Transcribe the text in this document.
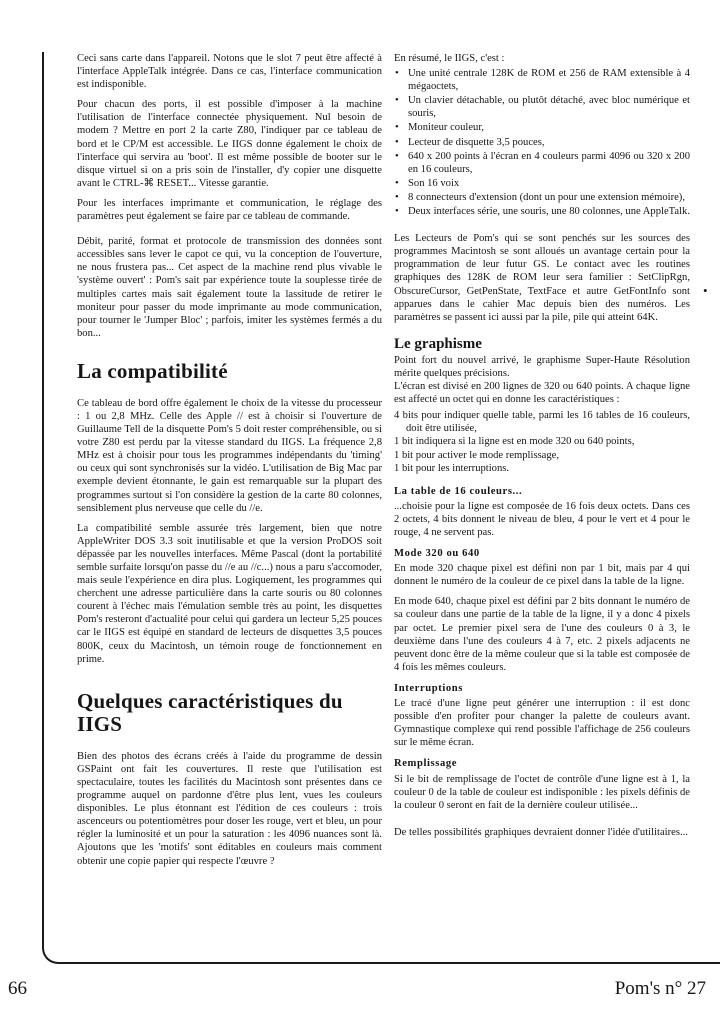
Ceci sans carte dans l'appareil. Notons que le slot 7 peut être affecté à l'interface AppleTalk intégrée. Dans ce cas, l'interface communication est indisponible.

Pour chacun des ports, il est possible d'imposer à la machine l'utilisation de l'interface connectée physiquement. Nul besoin de modem ? Mettre en port 2 la carte Z80, l'indiquer par ce tableau de bord et le CP/M est accessible. Le IIGS donne également le choix de l'interface qui servira au 'boot'. Il est même possible de booter sur le disque virtuel si on a pris soin de l'installer, d'y copier une disquette avant le CTRL-⌘ RESET... Vitesse garantie.

Pour les interfaces imprimante et communication, le réglage des paramètres peut également se faire par ce tableau de commande.

Débit, parité, format et protocole de transmission des données sont accessibles sans lever le capot ce qui, vu la conception de l'ouverture, ne nous frustera pas... Cet aspect de la machine rend plus vivable le 'système ouvert' : Pom's sait par expérience toute la souplesse tirée de multiples cartes mais sait également toute la lassitude de retirer le moniteur pour passer du mode imprimante au mode communication, pour tourner le 'Jumper Bloc' ; parfois, imiter les systèmes fermés a du bon...

La compatibilité

Ce tableau de bord offre également le choix de la vitesse du processeur : 1 ou 2,8 MHz. Celle des Apple // est à choisir si l'ouverture de Guillaume Tell de la disquette Pom's 5 doit rester compréhensible, ou si votre Z80 est perdu par la vitesse standard du IIGS. La fréquence 2,8 MHz est à choisir pour tous les programmes indépendants du 'timing' ou ceux qui sont synchronisés sur la vidéo. L'utilisation de Big Mac par exemple devient étonnante, le gain est remarquable sur la plupart des programmes surtout si l'on considère la gestion de la carte 80 colonnes, sensiblement plus nerveuse que celle du //e.

La compatibilité semble assurée très largement, bien que notre AppleWriter DOS 3.3 soit inutilisable et que la version ProDOS soit dépassée par les nouvelles interfaces. Même Pascal (dont la portabilité semble surfaite lorsqu'on passe du //e au //c...) nous a paru s'accomoder, mais seule l'expérience en dira plus. Logiquement, les programmes qui cherchent une adresse particulière dans la carte souris ou 80 colonnes courent à l'échec mais l'émulation semble très au point, les disquettes Pom's resteront d'actualité pour celui qui gardera un lecteur 5,25 pouces car le IIGS est équipé en standard de lecteurs de disquettes 3,5 pouces 800K, ceux du Macintosh, un témoin rouge de fonctionnement en prime.

Quelques caractéristiques du IIGS

Bien des photos des écrans créés à l'aide du programme de dessin GSPaint ont fait les couvertures. Il reste que l'utilisation est spectaculaire, toutes les facilités du Macintosh sont présentes dans ce programme auquel on pardonne d'être plus lent, vues les couleurs disponibles. Le plus étonnant est l'édition de ces couleurs : trois ascenceurs ou potentiomètres pour doser les rouge, vert et bleu, un pour régler la luminosité et un pour la saturation : les 4096 nuances sont là. Ajoutons que les 'motifs' sont éditables en couleurs mais comment obtenir une copie papier qui respecte l'œuvre ?

En résumé, le IIGS, c'est :

• Une unité centrale 128K de ROM et 256 de RAM extensible à 4 mégaoctets,
• Un clavier détachable, ou plutôt détaché, avec bloc numérique et souris,
• Moniteur couleur,
• Lecteur de disquette 3,5 pouces,
• 640 x 200 points à l'écran en 4 couleurs parmi 4096 ou 320 x 200 en 16 couleurs,
• Son 16 voix
• 8 connecteurs d'extension (dont un pour une extension mémoire),
• Deux interfaces série, une souris, une 80 colonnes, une AppleTalk.

Les Lecteurs de Pom's qui se sont penchés sur les sources des programmes Macintosh se sont alloués un avantage certain pour la programmation de leur futur GS. Le contact avec les routines graphiques des 128K de ROM leur sera familier : SetClipRgn, ObscureCursor, GetPenState, TextFace et autre GetFontInfo sont apparues dans le cahier Mac depuis bien des numéros. Les paramètres se passent ici aussi par la pile, pile qui atteint 64K.

Le graphisme

Point fort du nouvel arrivé, le graphisme Super-Haute Résolution mérite quelques précisions.

L'écran est divisé en 200 lignes de 320 ou 640 points. A chaque ligne est affecté un octet qui en donne les caractéristiques :

4 bits pour indiquer quelle table, parmi les 16 tables de 16 couleurs, doit être utilisée,
1 bit indiquera si la ligne est en mode 320 ou 640 points,
1 bit pour activer le mode remplissage,
1 bit pour les interruptions.
La table de 16 couleurs...

...choisie pour la ligne est composée de 16 fois deux octets. Dans ces 2 octets, 4 bits donnent le niveau de bleu, 4 pour le vert et 4 pour le rouge, 4 ne servent pas.

Mode 320 ou 640

En mode 320 chaque pixel est défini non par 1 bit, mais par 4 qui donnent le numéro de la couleur de ce pixel dans la table de la ligne.

En mode 640, chaque pixel est défini par 2 bits donnant le numéro de sa couleur dans une partie de la table de la ligne, il y a donc 4 pixels par octet. Le premier pixel sera de l'une des couleurs 0 à 3, le deuxième dans l'une des couleurs 4 à 7, etc. 2 pixels adjacents ne peuvent donc être de la même couleur que si la table est composée de 4 fois les mêmes couleurs.

Interruptions

Le tracé d'une ligne peut générer une interruption : il est donc possible d'en profiter pour changer la palette de couleurs avant. Gymnastique complexe qui rend possible l'affichage de 256 couleurs sur le même écran.

Remplissage

Si le bit de remplissage de l'octet de contrôle d'une ligne est à 1, la couleur 0 de la table de couleur est indisponible : les pixels définis de la couleur 0 seront en fait de la dernière couleur utilisée...

De telles possibilités graphiques devraient donner l'idée d'utilitaires...

•
66	Pom's n° 27
